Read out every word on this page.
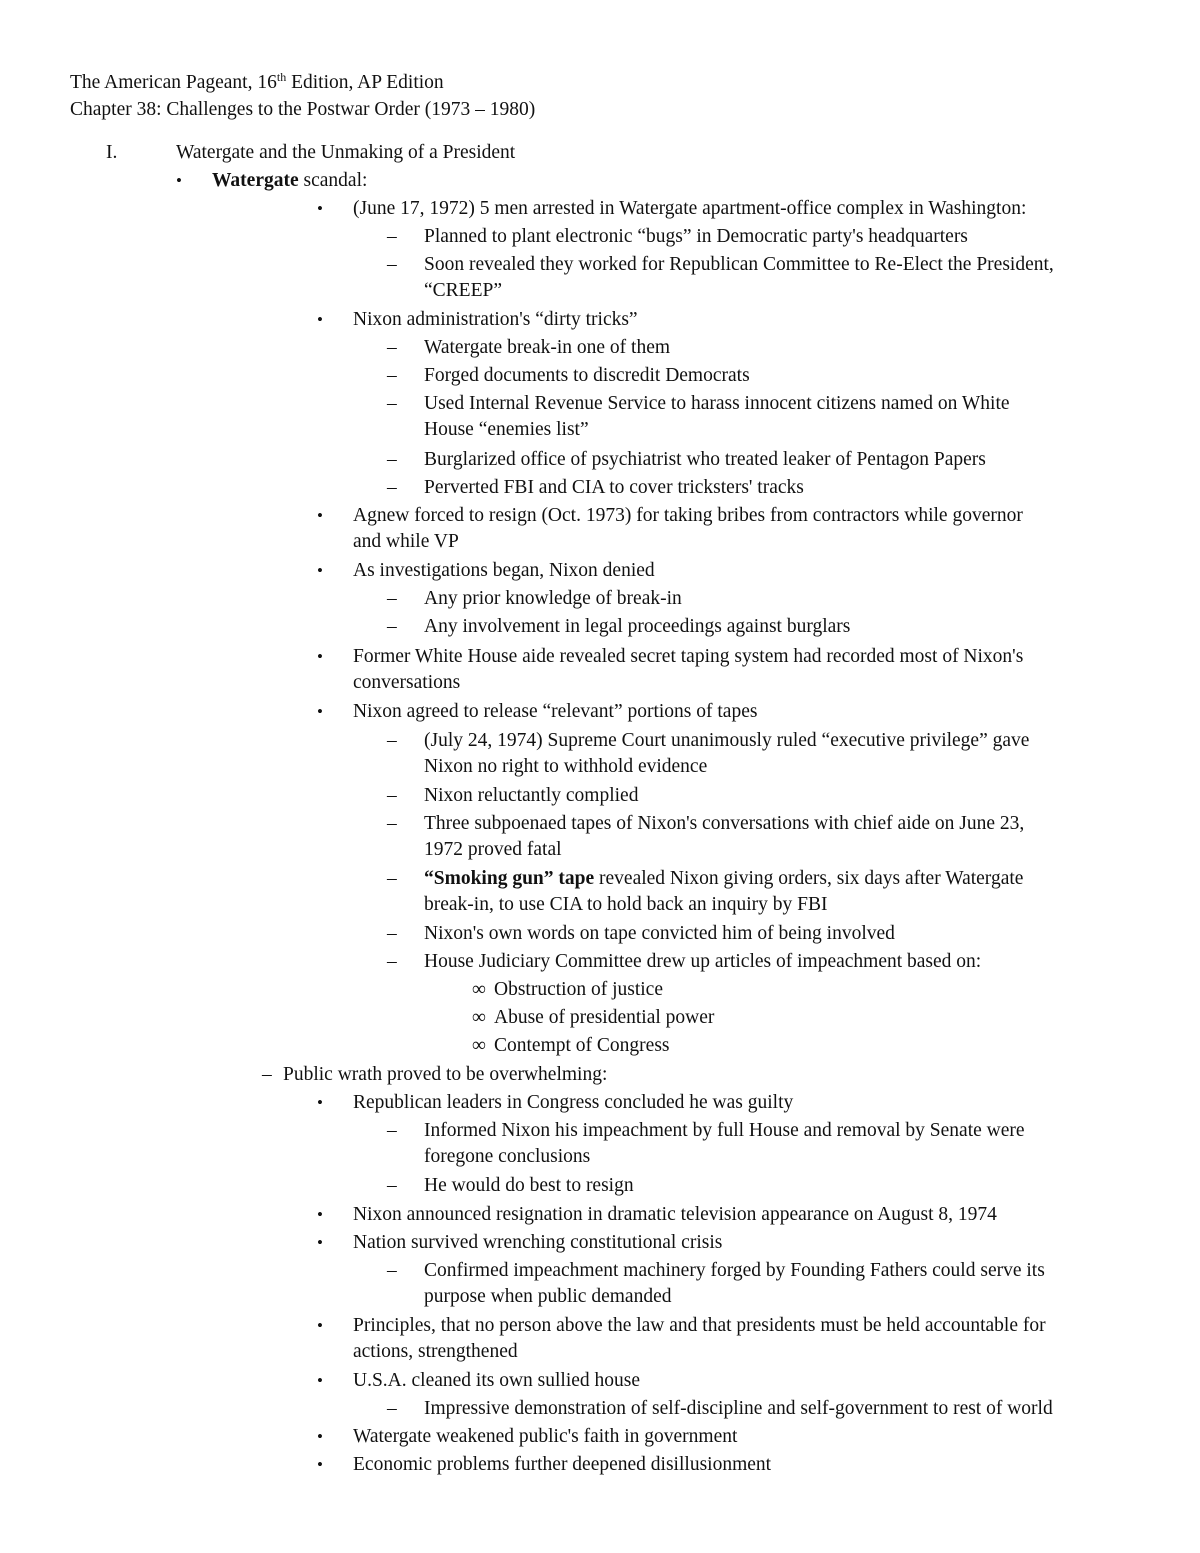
The American Pageant, 16th Edition, AP Edition
Chapter 38: Challenges to the Postwar Order (1973 – 1980)
I.	Watergate and the Unmaking of a President
• Watergate scandal:
• (June 17, 1972) 5 men arrested in Watergate apartment-office complex in Washington:
– Planned to plant electronic “bugs” in Democratic party's headquarters
– Soon revealed they worked for Republican Committee to Re-Elect the President,
“CREEP”
• Nixon administration's “dirty tricks”
– Watergate break-in one of them
– Forged documents to discredit Democrats
– Used Internal Revenue Service to harass innocent citizens named on White
House “enemies list”
– Burglarized office of psychiatrist who treated leaker of Pentagon Papers
– Perverted FBI and CIA to cover tricksters' tracks
• Agnew forced to resign (Oct. 1973) for taking bribes from contractors while governor
and while VP
• As investigations began, Nixon denied
– Any prior knowledge of break-in
– Any involvement in legal proceedings against burglars
• Former White House aide revealed secret taping system had recorded most of Nixon's
conversations
• Nixon agreed to release “relevant” portions of tapes
– (July 24, 1974) Supreme Court unanimously ruled “executive privilege” gave
Nixon no right to withhold evidence
– Nixon reluctantly complied
– Three subpoenaed tapes of Nixon's conversations with chief aide on June 23,
1972 proved fatal
– “Smoking gun” tape revealed Nixon giving orders, six days after Watergate
break-in, to use CIA to hold back an inquiry by FBI
– Nixon's own words on tape convicted him of being involved
– House Judiciary Committee drew up articles of impeachment based on:
∞ Obstruction of justice
∞ Abuse of presidential power
∞ Contempt of Congress
– Public wrath proved to be overwhelming:
• Republican leaders in Congress concluded he was guilty
– Informed Nixon his impeachment by full House and removal by Senate were
foregone conclusions
– He would do best to resign
• Nixon announced resignation in dramatic television appearance on August 8, 1974
• Nation survived wrenching constitutional crisis
– Confirmed impeachment machinery forged by Founding Fathers could serve its
purpose when public demanded
• Principles, that no person above the law and that presidents must be held accountable for
actions, strengthened
• U.S.A. cleaned its own sullied house
– Impressive demonstration of self-discipline and self-government to rest of world
• Watergate weakened public's faith in government
• Economic problems further deepened disillusionment
